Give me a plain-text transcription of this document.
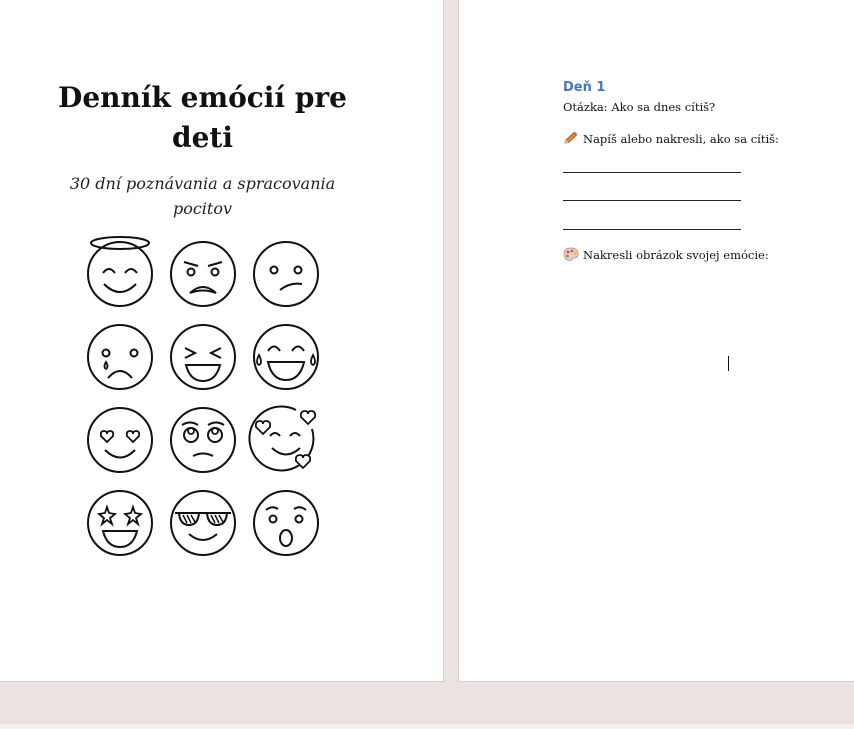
Denník emócií pre deti
30 dní poznávania a spracovania pocitov
Deň 1
Otázka: Ako sa dnes cítiš?
Napíš alebo nakresli, ako sa cítiš:
Nakresli obrázok svojej emócie:
